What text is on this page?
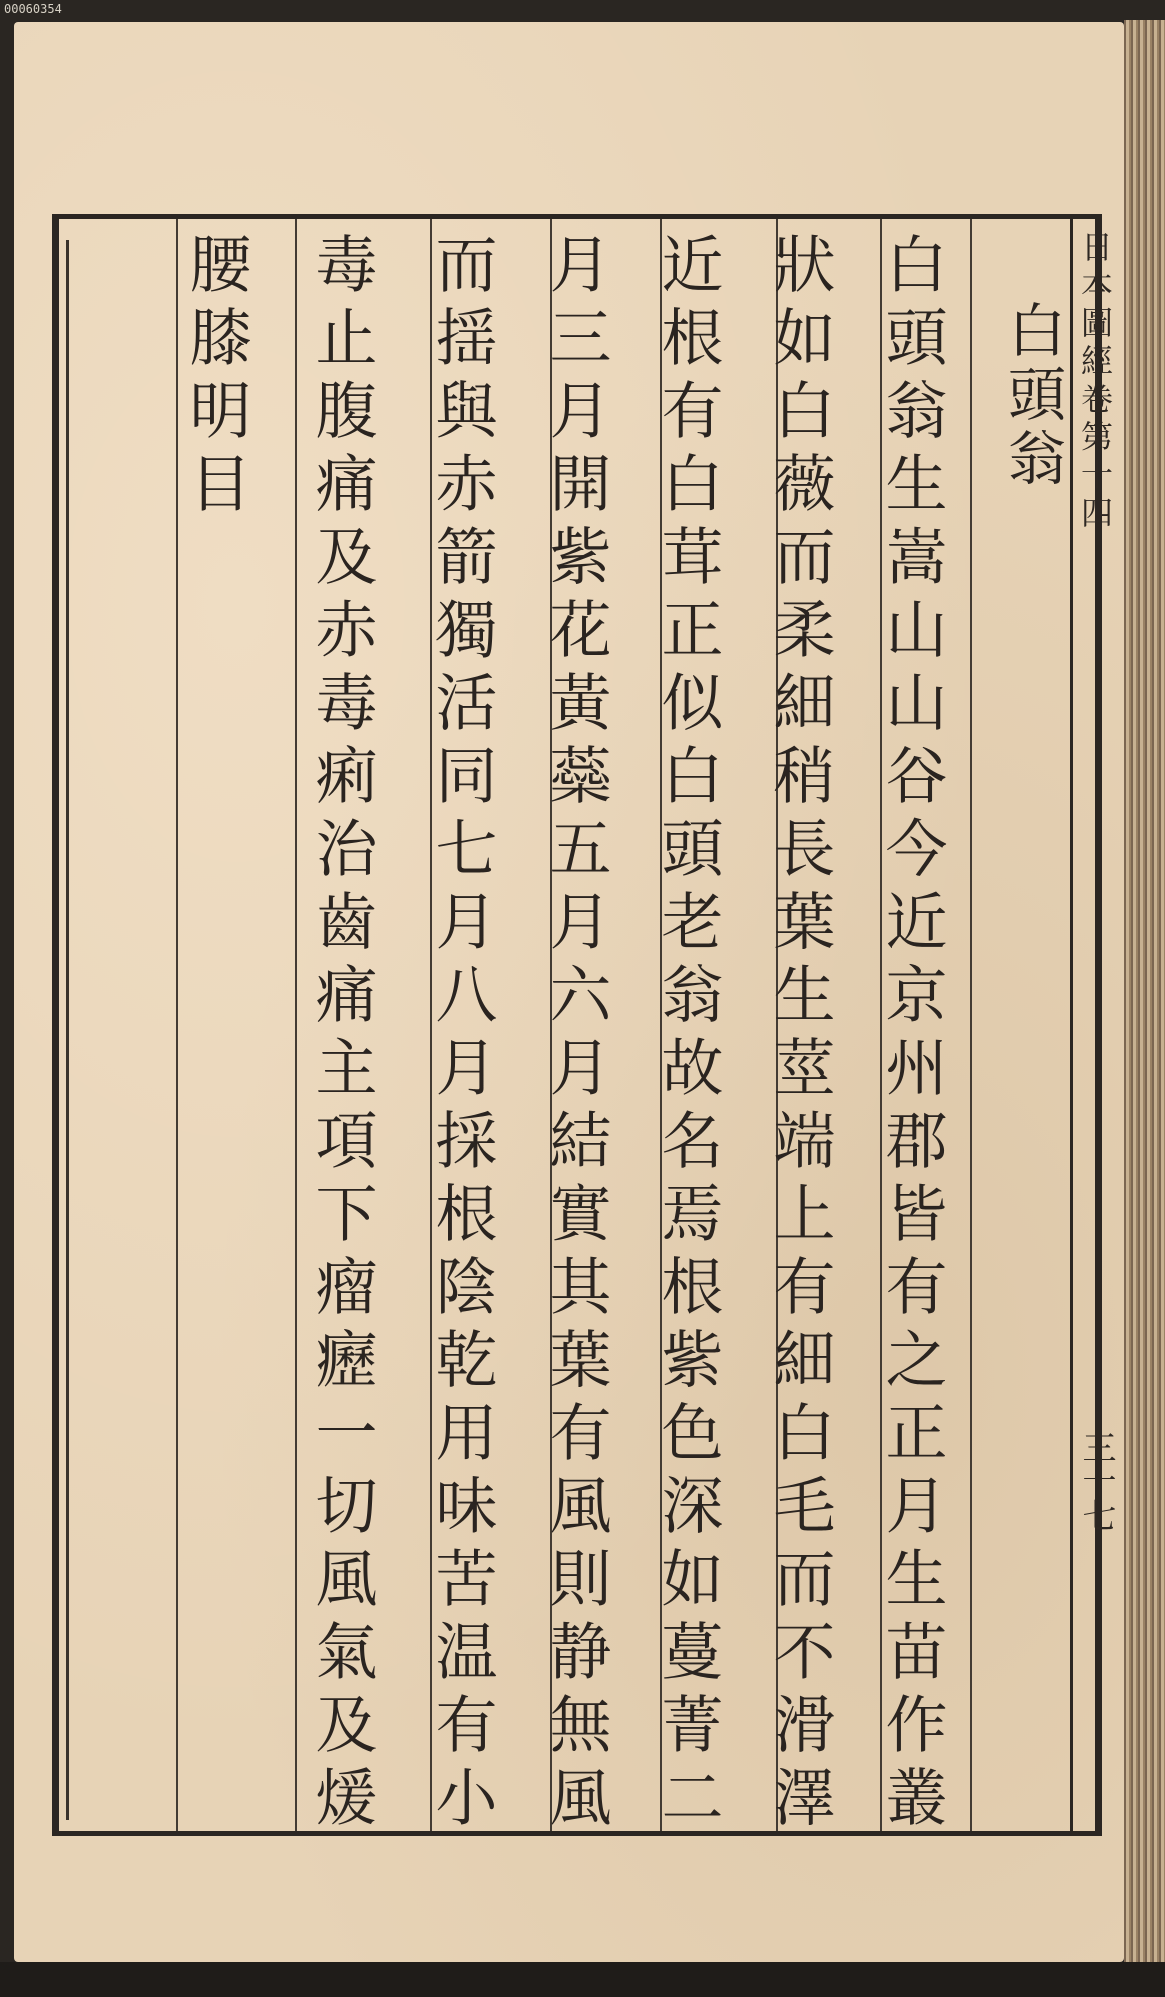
00060354
日本圖經卷第十四
三十七
白頭翁
白頭翁生嵩山山谷今近京州郡皆有之正月生苗作叢
狀如白薇而柔細稍長葉生莖端上有細白毛而不滑澤
近根有白茸正似白頭老翁故名焉根紫色深如蔓菁二
月三月開紫花黃蘂五月六月結實其葉有風則静無風
而揺與赤箭獨活同七月八月採根陰乾用味苦温有小
毒止腹痛及赤毒痢治齒痛主項下瘤癧一切風氣及煖
腰膝明目
